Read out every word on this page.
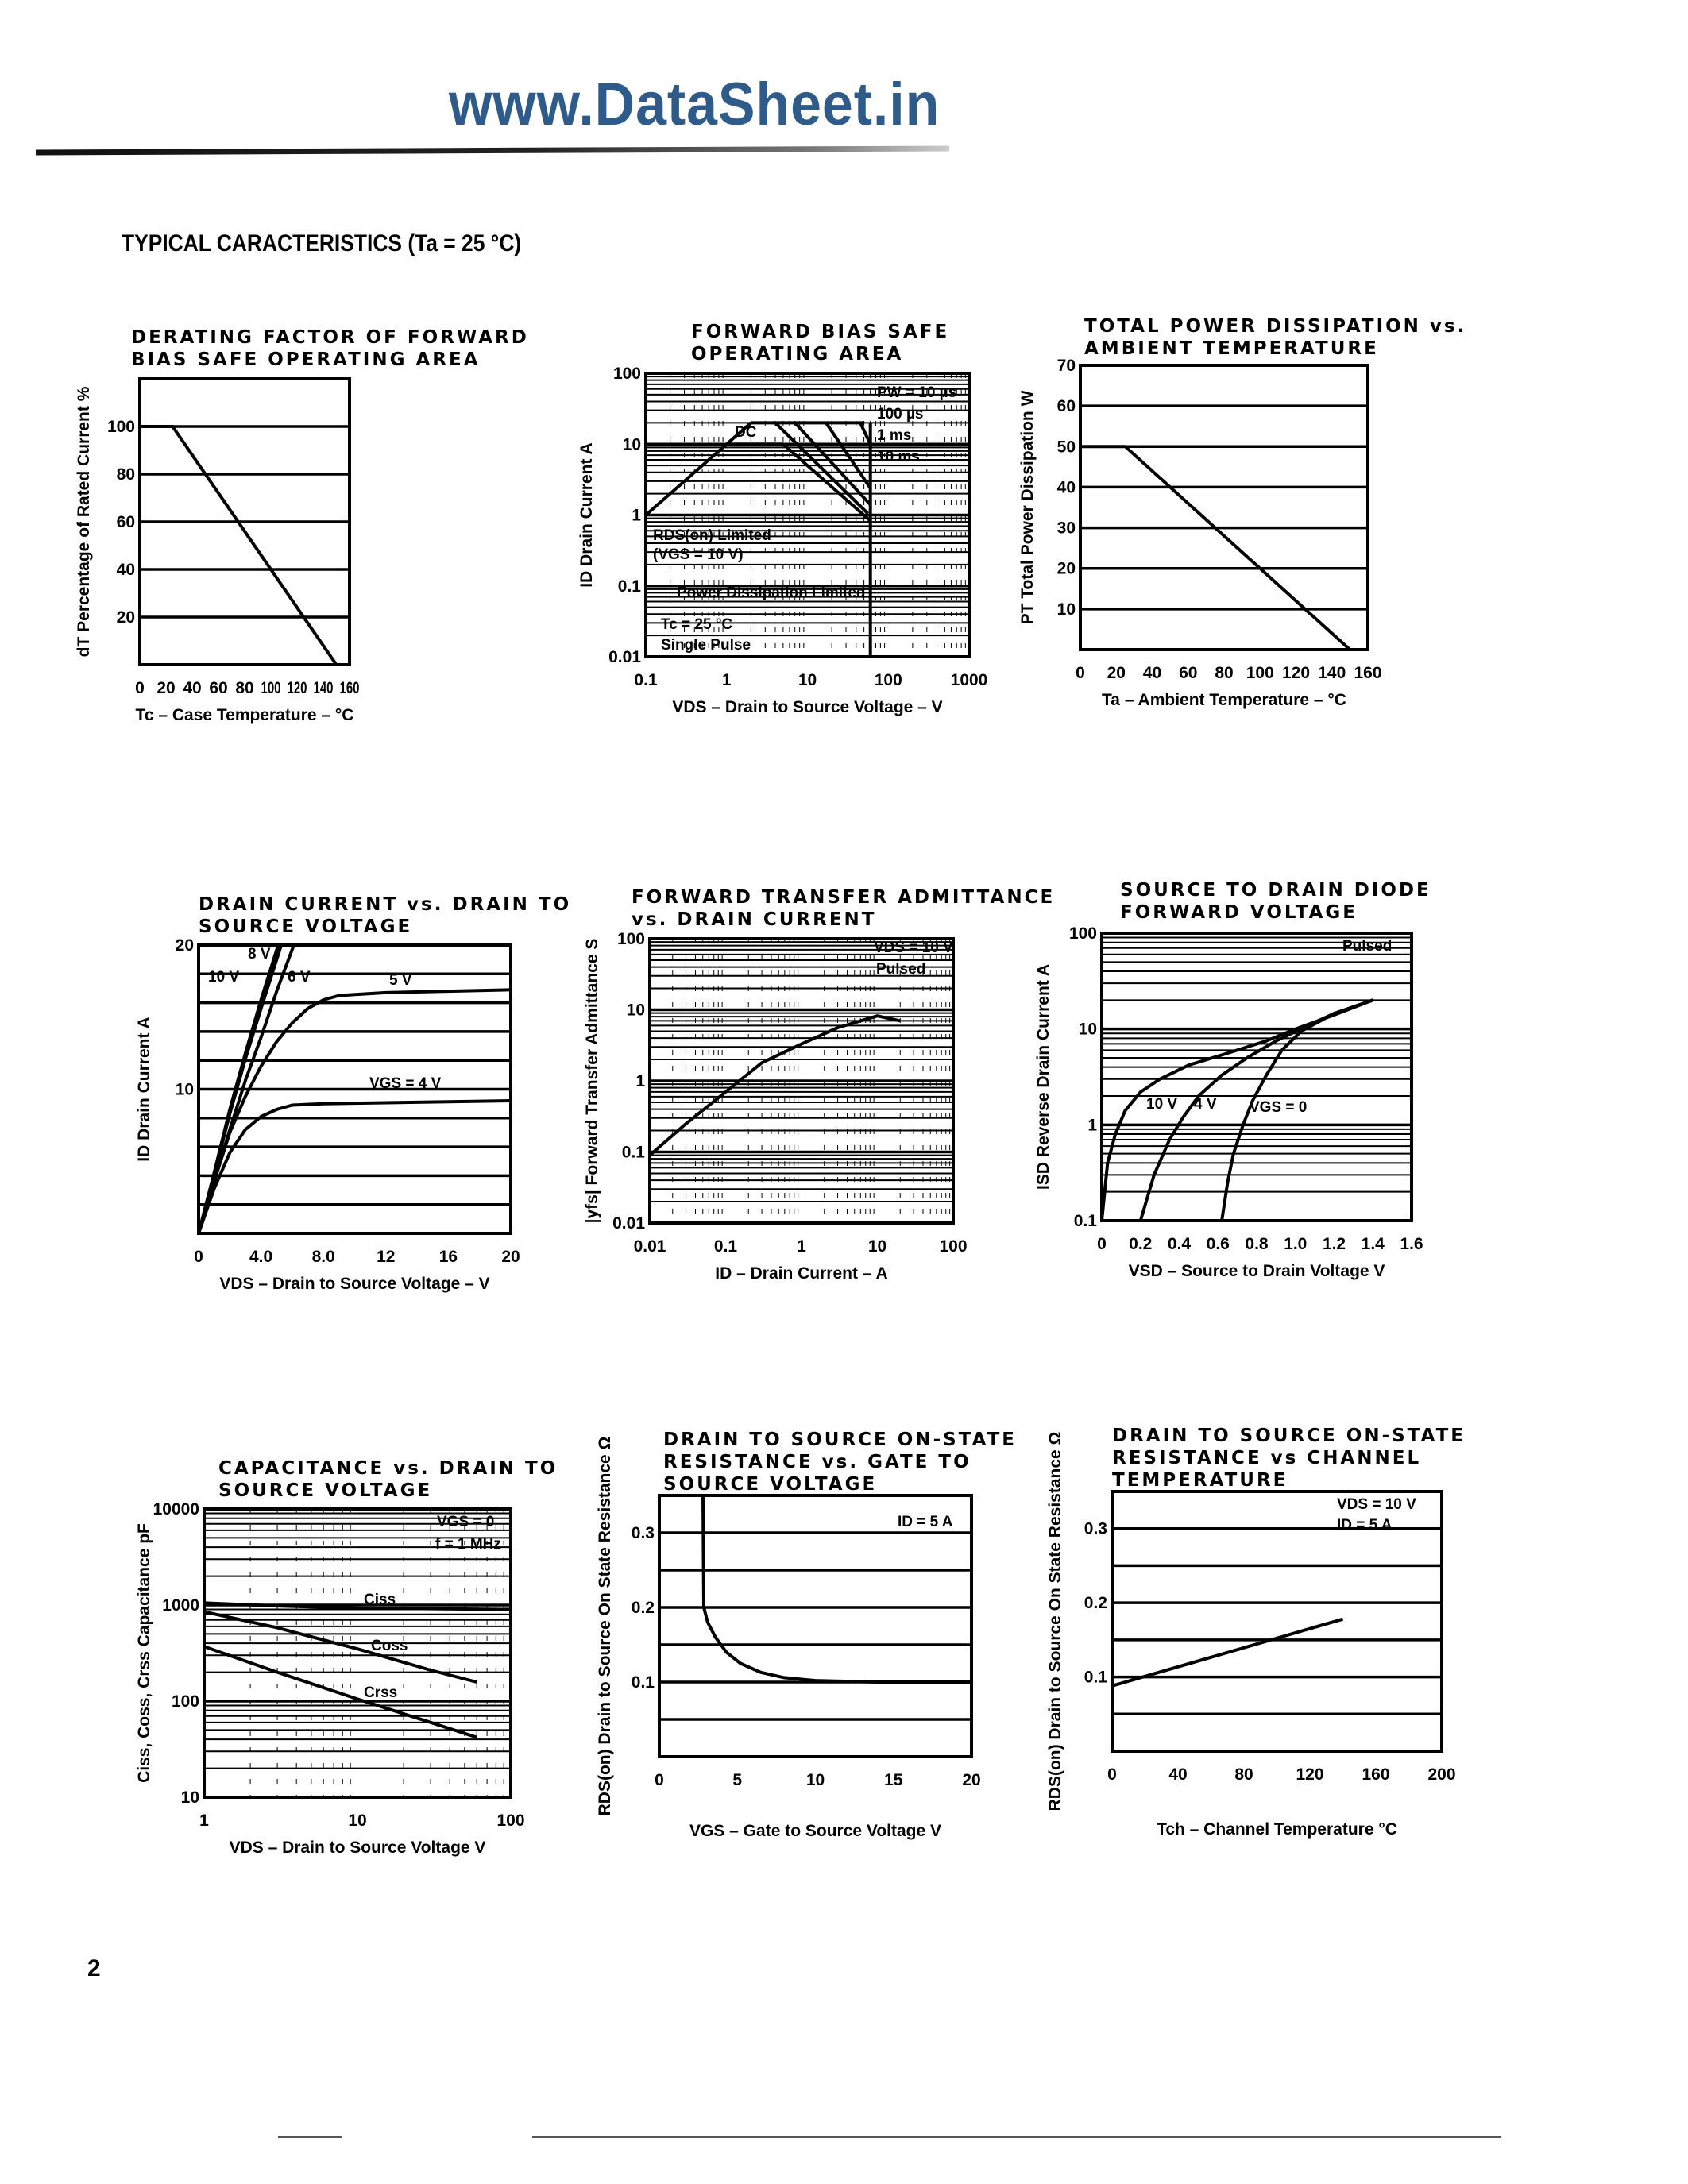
www.DataSheet.in
TYPICAL CARACTERISTICS (Ta = 25 °C)
2
0 20 40 60 80 100 120 140 160
20
40
60
80
100
DERATING FACTOR OF FORWARD
BIAS SAFE OPERATING AREA
Tc – Case Temperature – °C
dT Percentage of Rated Current %
0.1	1	10	100	1000
0.01
0.1
1
10
100
FORWARD BIAS SAFE
OPERATING AREA
VDS – Drain to Source Voltage – V
ID Drain Current A
PW = 10 µs
100 µs
1 ms
10 ms
DC
RDS(on) Limited
(VGS = 10 V)
Power Dissipation Limited
Tc = 25 °C
Single Pulse
0 20 40 60 80 100 120 140 160
10
20
30
40
50
60
70
TOTAL POWER DISSIPATION vs.
AMBIENT TEMPERATURE
Ta – Ambient Temperature – °C
PT Total Power Dissipation W
0	4.0 8.0 12	16	20
10
20
DRAIN CURRENT vs. DRAIN TO
SOURCE VOLTAGE
VDS – Drain to Source Voltage – V
ID Drain Current A
8 V
10 V	6 V	5 V
VGS = 4 V
0.01	0.1	1	10	100
0.01
0.1
1
10
100
FORWARD TRANSFER ADMITTANCE
vs. DRAIN CURRENT
ID – Drain Current – A
|yfs| Forward Transfer Admittance S	VDS = 10 V
Pulsed
0 0.2 0.4 0.6 0.8 1.0 1.2 1.4 1.6
0.1
1
10
100
SOURCE TO DRAIN DIODE
FORWARD VOLTAGE
VSD – Source to Drain Voltage V
ISD Reverse Drain Current A	10 V 4 V VGS = 0
Pulsed
1	10	100
10
100
1000
10000
CAPACITANCE vs. DRAIN TO
SOURCE VOLTAGE
VDS – Drain to Source Voltage V
Ciss, Coss, Crss Capacitance pF	Ciss
Coss
Crss
VGS = 0
f = 1 MHz
0	5	10	15	20
0.1
0.2
0.3
DRAIN TO SOURCE ON-STATE
RESISTANCE vs. GATE TO
SOURCE VOLTAGE
VGS – Gate to Source Voltage V
RDS(on) Drain to Source On State Resistance Ω	ID = 5 A
0	40	80	120 160 200
0.1
0.2
0.3
DRAIN TO SOURCE ON-STATE
RESISTANCE vs CHANNEL
TEMPERATURE
Tch – Channel Temperature °C
RDS(on) Drain to Source On State Resistance Ω	VDS = 10 V
ID = 5 A
